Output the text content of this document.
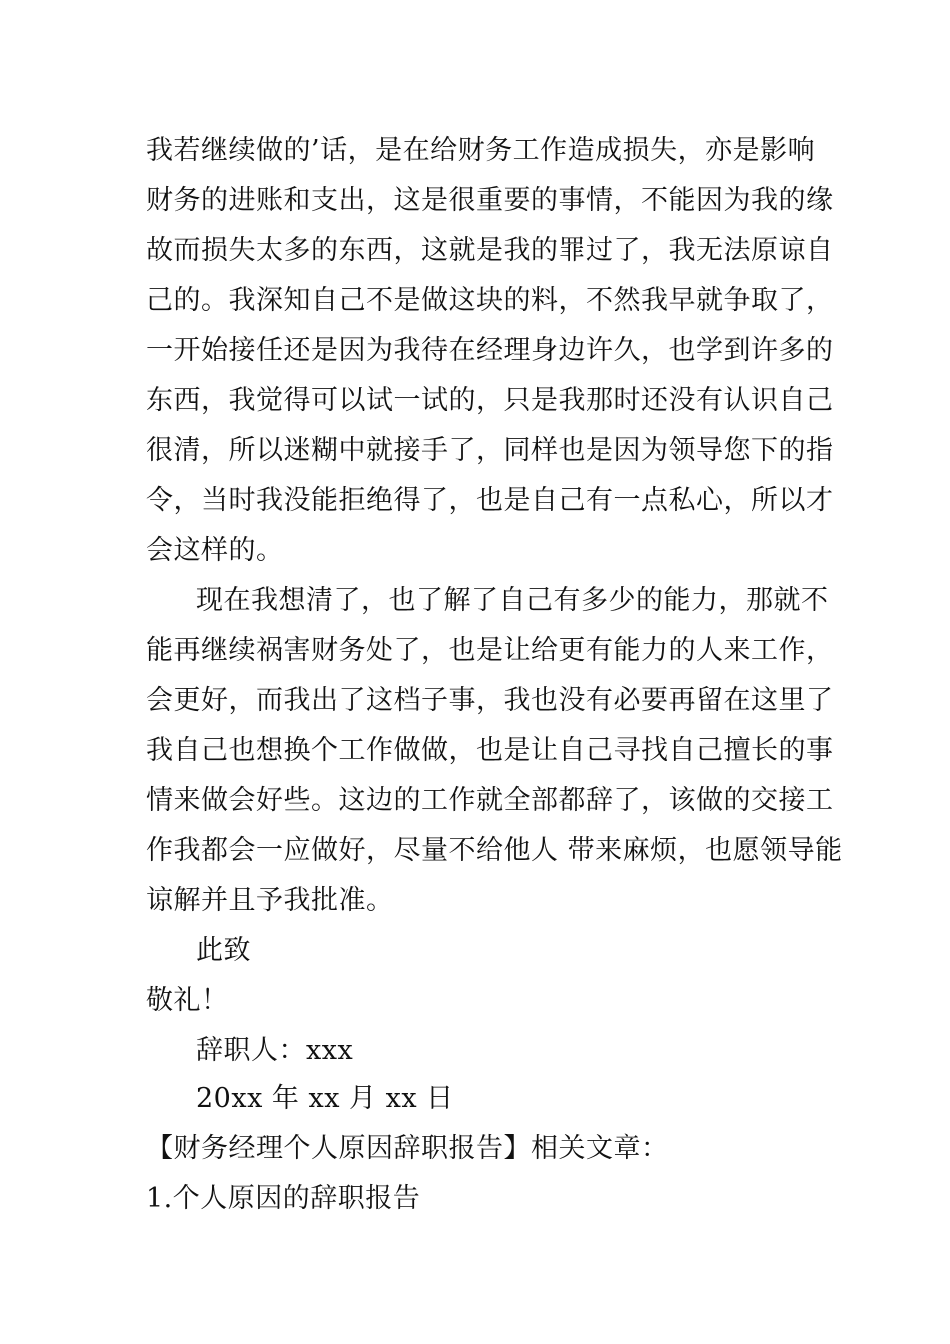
我若继续做的’话，是在给财务工作造成损失，亦是影响
财务的进账和支出，这是很重要的事情，不能因为我的缘
故而损失太多的东西，这就是我的罪过了，我无法原谅自
己的。我深知自己不是做这块的料，不然我早就争取了，
一开始接任还是因为我待在经理身边许久，也学到许多的
东西，我觉得可以试一试的，只是我那时还没有认识自己
很清，所以迷糊中就接手了，同样也是因为领导您下的指
令，当时我没能拒绝得了，也是自己有一点私心，所以才
会这样的。
现在我想清了，也了解了自己有多少的能力，那就不
能再继续祸害财务处了，也是让给更有能力的人来工作，
会更好，而我出了这档子事，我也没有必要再留在这里了
我自己也想换个工作做做，也是让自己寻找自己擅长的事
情来做会好些。这边的工作就全部都辞了，该做的交接工
作我都会一应做好，尽量不给他人 带来麻烦，也愿领导能
谅解并且予我批准。
此致
敬礼！
辞职人：xxx
20xx 年 xx 月 xx 日
【财务经理个人原因辞职报告】相关文章：
1.个人原因的辞职报告
